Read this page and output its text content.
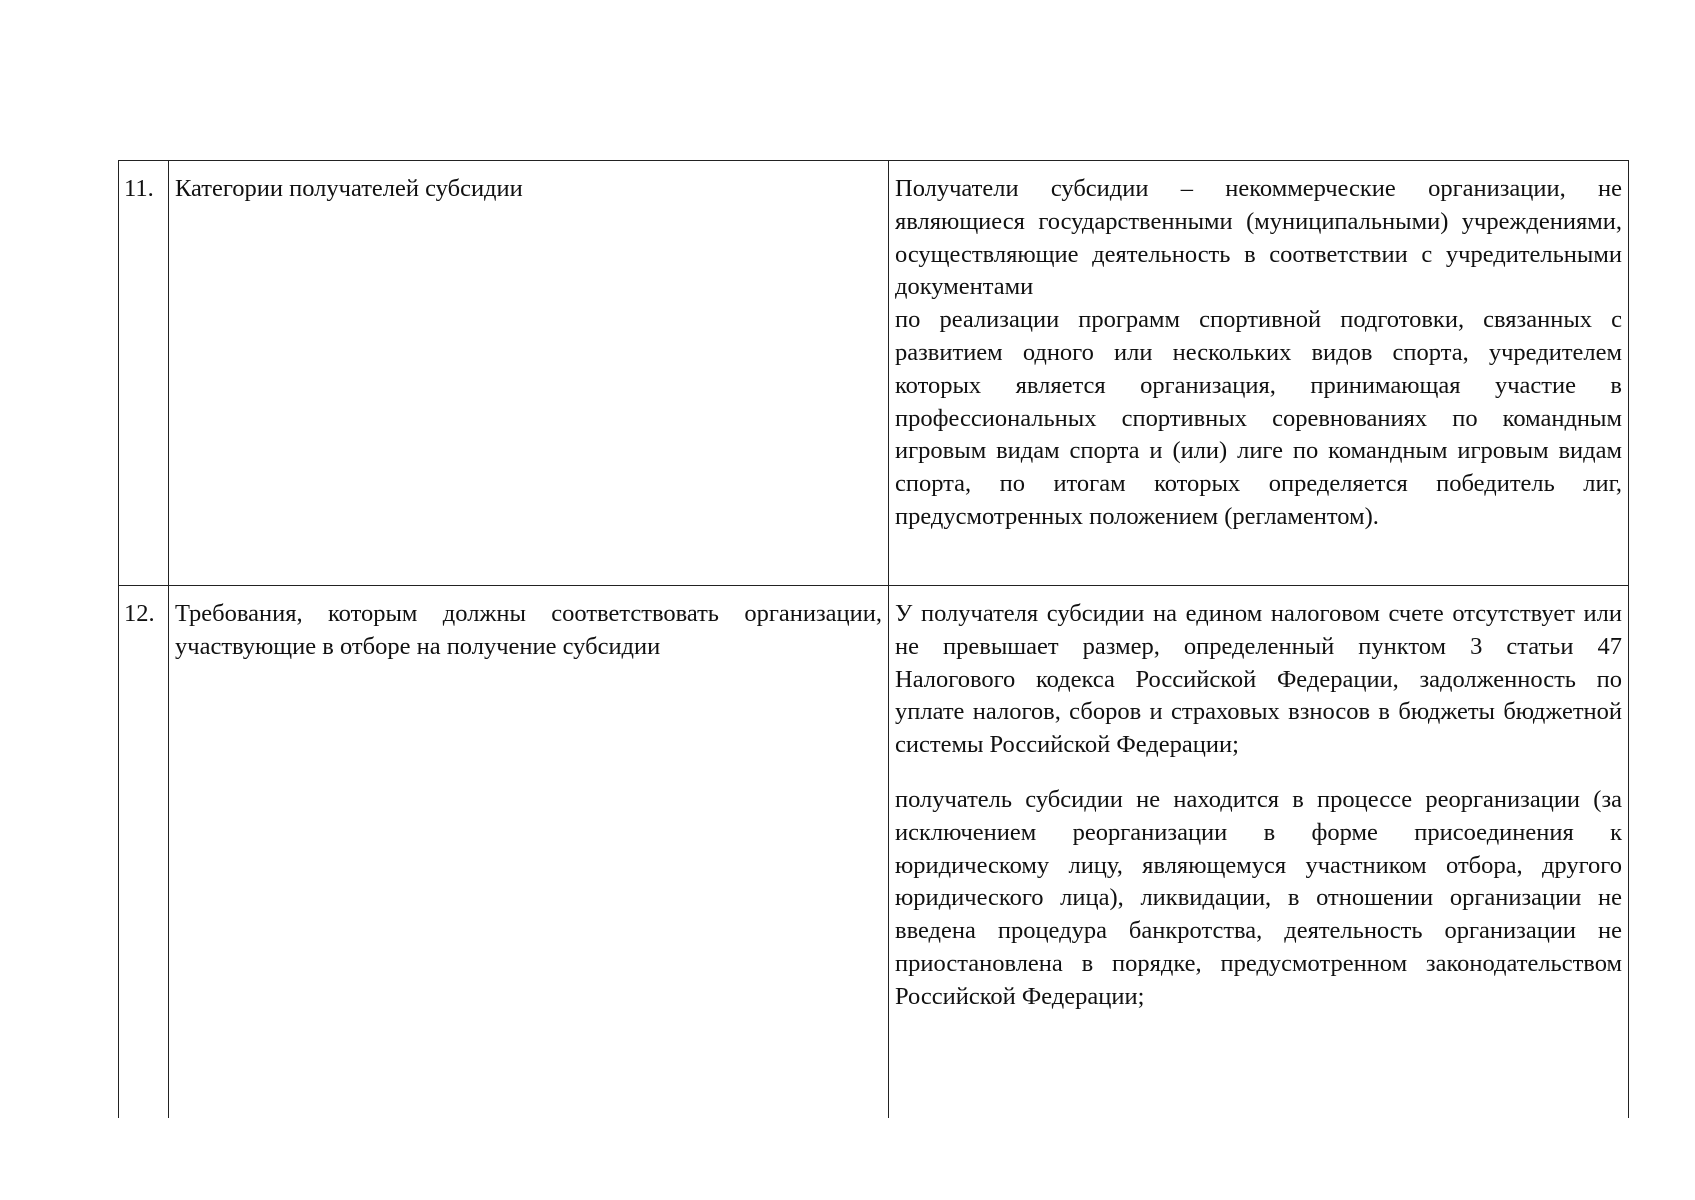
11.	Категории получателей субсидии	Получатели субсидии – некоммерческие организации, не являющиеся государственными (муниципальными) учреждениями, осуществляющие деятельность в соответствии с учредительными документами

по реализации программ спортивной подготовки, связанных с развитием одного или нескольких видов спорта, учредителем которых является организация, принимающая участие в профессиональных спортивных соревнованиях по командным игровым видам спорта и (или) лиге по командным игровым видам спорта, по итогам которых определяется победитель лиг, предусмотренных положением (регламентом).

12.	Требования, которым должны соответствовать организации, участвующие в отборе на получение субсидии	У получателя субсидии на едином налоговом счете отсутствует или не превышает размер, определенный пунктом 3 статьи 47 Налогового кодекса Российской Федерации, задолженность по уплате налогов, сборов и страховых взносов в бюджеты бюджетной системы Российской Федерации;

получатель субсидии не находится в процессе реорганизации (за исключением реорганизации в форме присоединения к юридическому лицу, являющемуся участником отбора, другого юридического лица), ликвидации, в отношении организации не введена процедура банкротства, деятельность организации не приостановлена в порядке, предусмотренном законодательством Российской Федерации;
